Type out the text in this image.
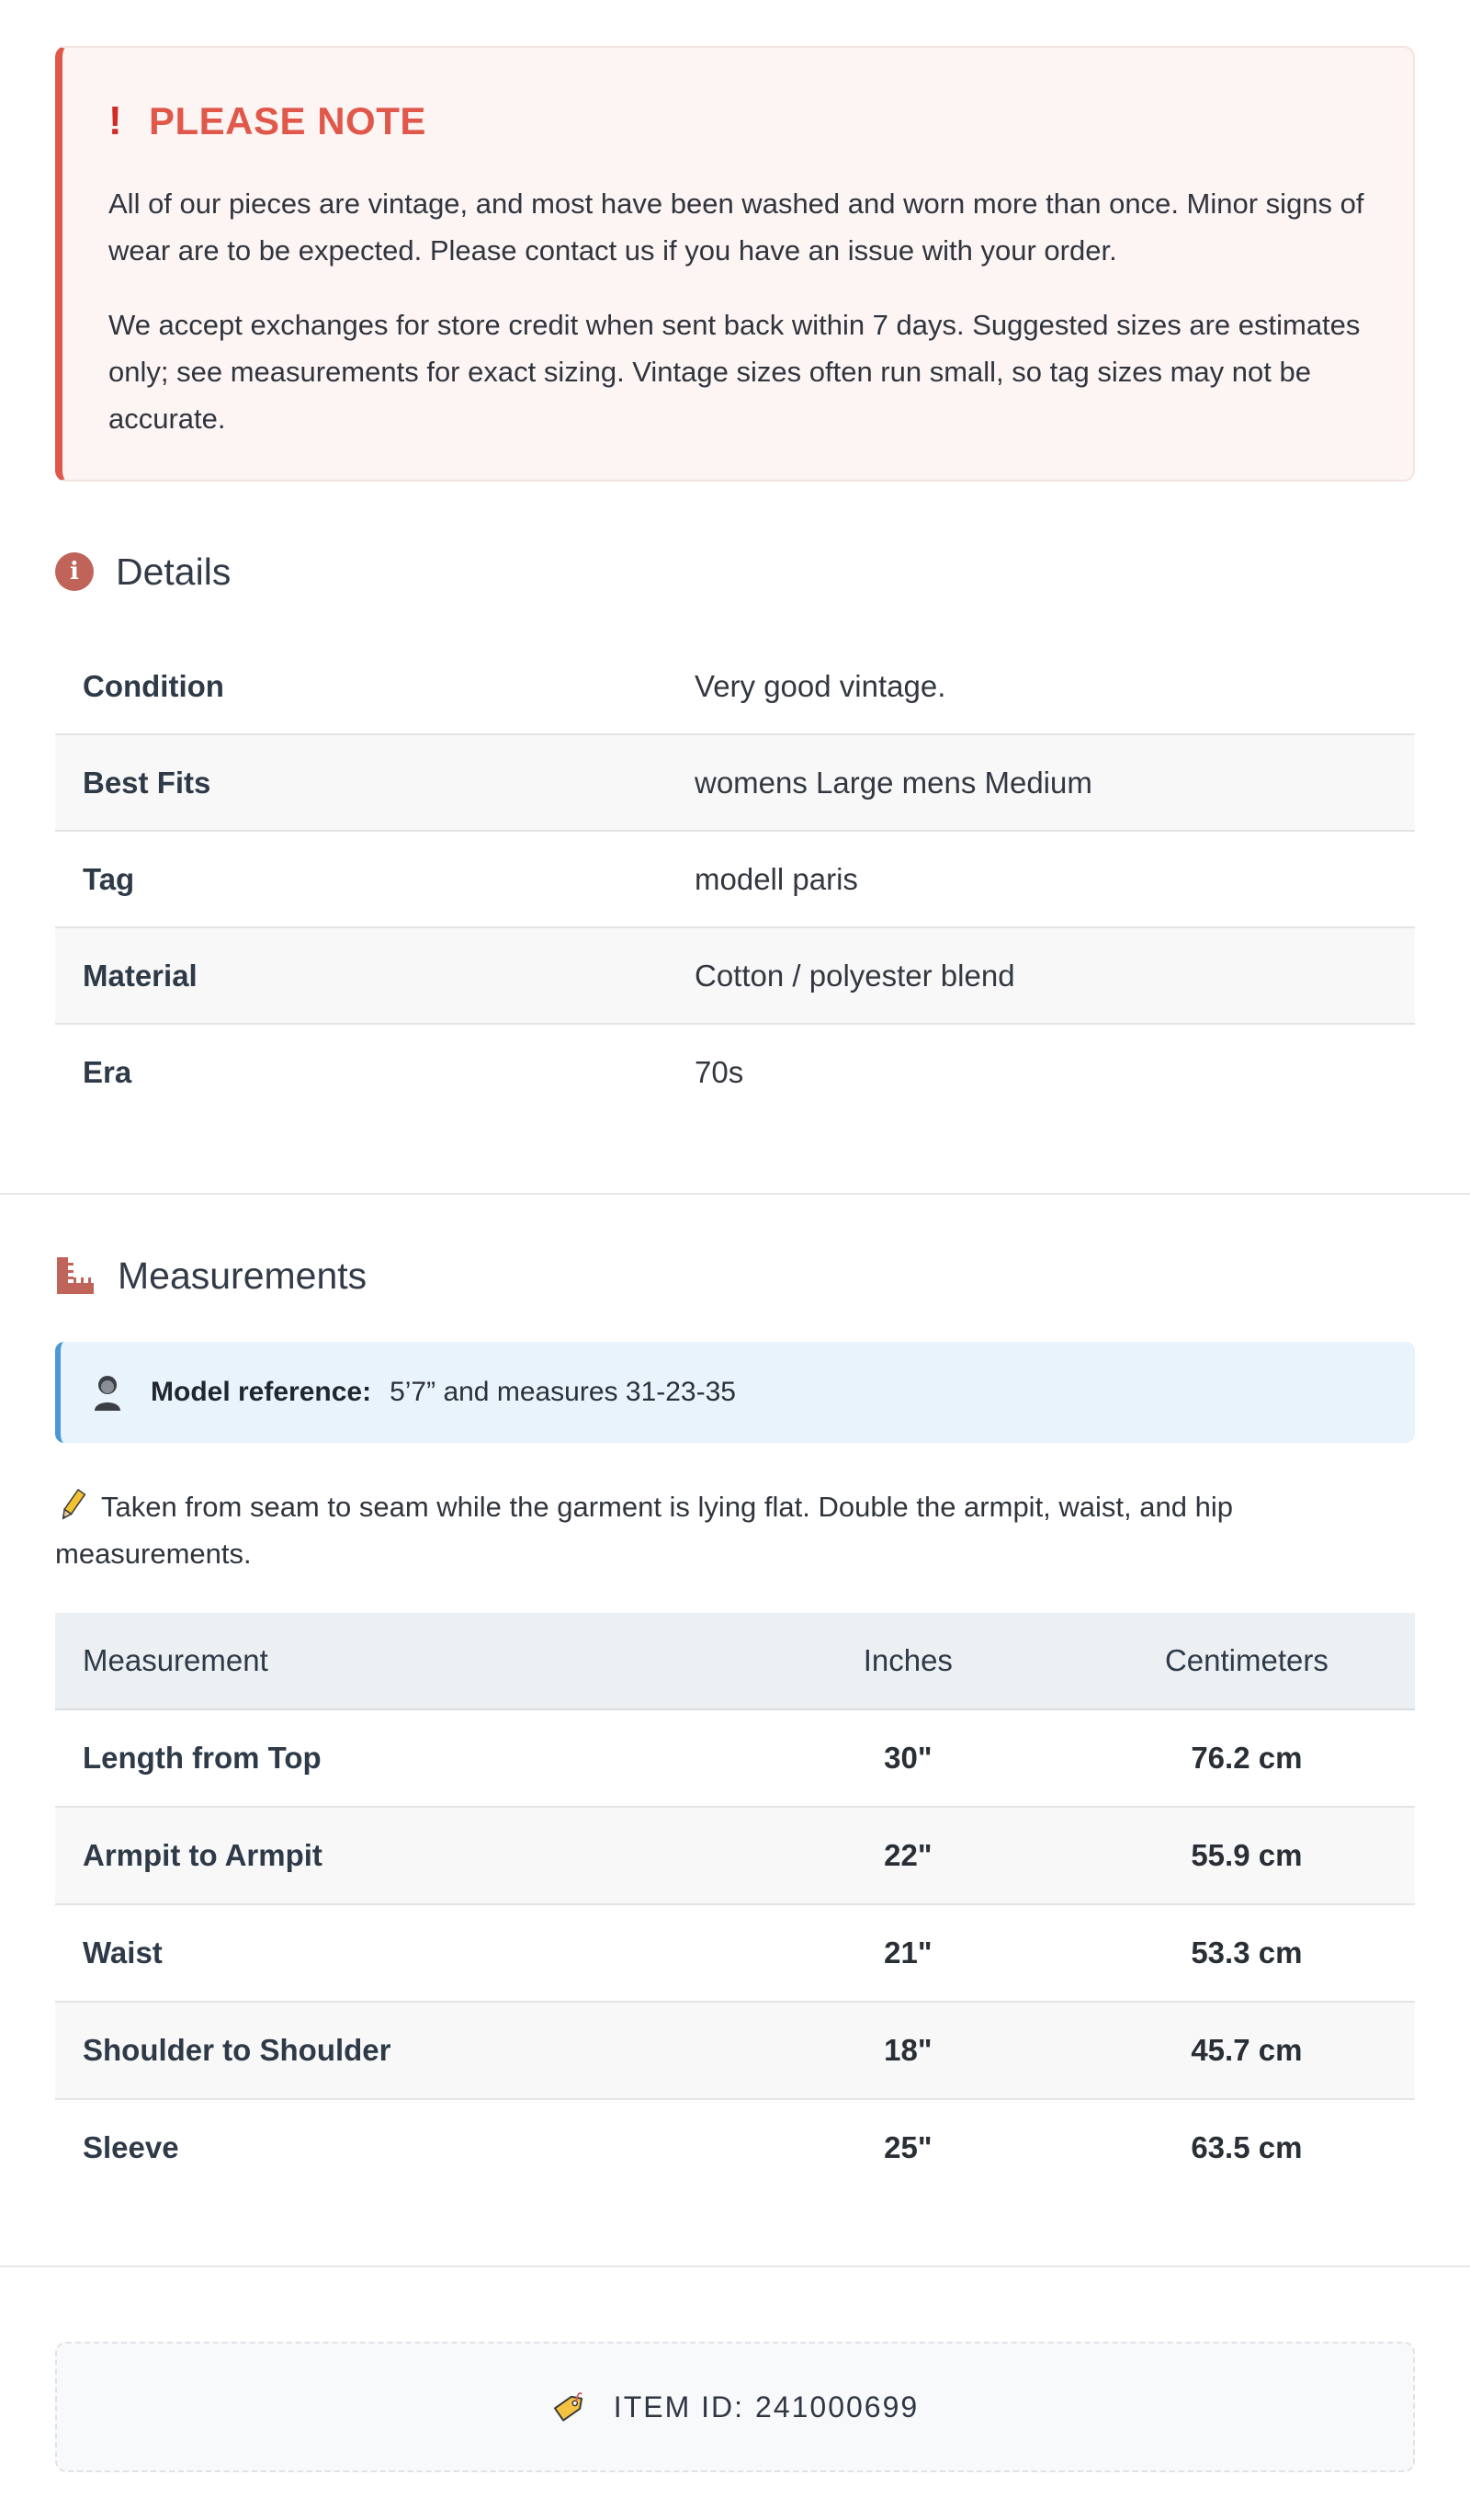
! PLEASE NOTE

All of our pieces are vintage, and most have been washed and worn more than once. Minor signs of wear are to be expected. Please contact us if you have an issue with your order.

We accept exchanges for store credit when sent back within 7 days. Suggested sizes are estimates only; see measurements for exact sizing. Vintage sizes often run small, so tag sizes may not be accurate.

i Details
Condition	Very good vintage.
Best Fits	womens Large mens Medium
Tag	modell paris
Material	Cotton / polyester blend
Era	70s
Measurements
Model reference: 5’7” and measures 31-23-35
Taken from seam to seam while the garment is lying flat. Double the armpit, waist, and hip measurements.
Measurement	Inches	Centimeters
Length from Top	30"	76.2 cm
Armpit to Armpit	22"	55.9 cm
Waist	21"	53.3 cm
Shoulder to Shoulder	18"	45.7 cm
Sleeve	25"	63.5 cm
ITEM ID: 241000699
